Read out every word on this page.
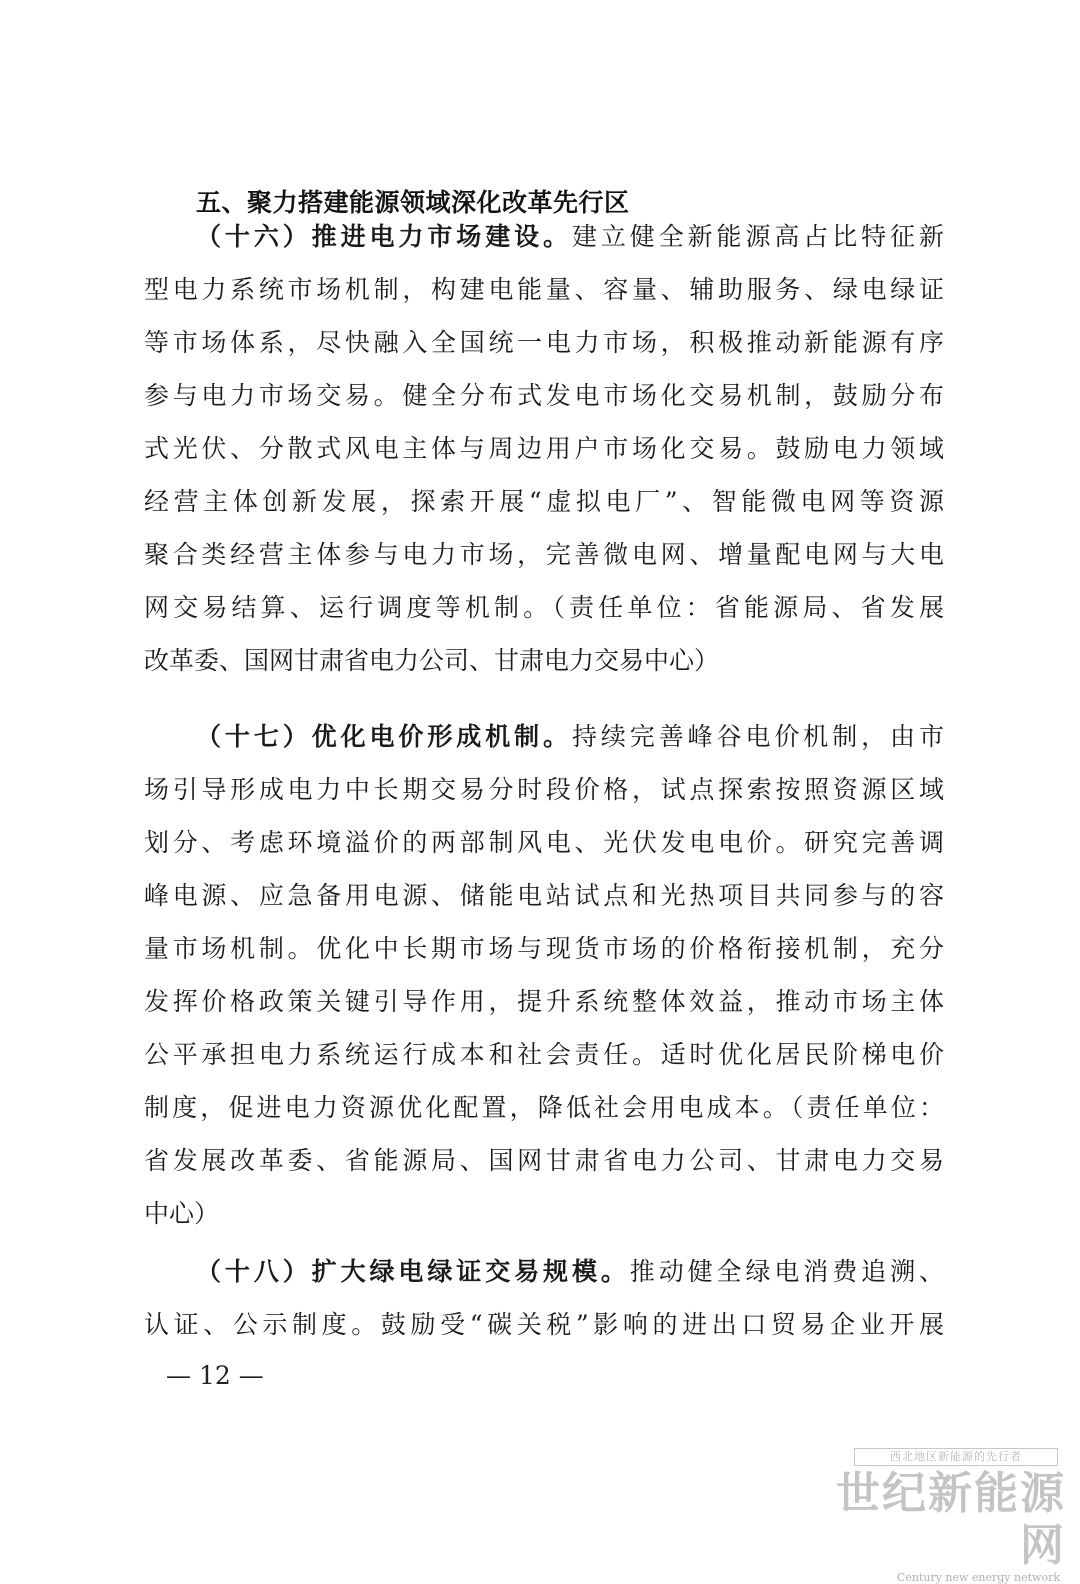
五、聚力搭建能源领域深化改革先行区
（十六）推进电力市场建设。建立健全新能源高占比特征新
型电力系统市场机制，构建电能量、容量、辅助服务、绿电绿证
等市场体系，尽快融入全国统一电力市场，积极推动新能源有序
参与电力市场交易。健全分布式发电市场化交易机制，鼓励分布
式光伏、分散式风电主体与周边用户市场化交易。鼓励电力领域
经营主体创新发展，探索开展“虚拟电厂”、智能微电网等资源
聚合类经营主体参与电力市场，完善微电网、增量配电网与大电
网交易结算、运行调度等机制。（责任单位：省能源局、省发展
改革委、国网甘肃省电力公司、甘肃电力交易中心）
（十七）优化电价形成机制。持续完善峰谷电价机制，由市
场引导形成电力中长期交易分时段价格，试点探索按照资源区域
划分、考虑环境溢价的两部制风电、光伏发电电价。研究完善调
峰电源、应急备用电源、储能电站试点和光热项目共同参与的容
量市场机制。优化中长期市场与现货市场的价格衔接机制，充分
发挥价格政策关键引导作用，提升系统整体效益，推动市场主体
公平承担电力系统运行成本和社会责任。适时优化居民阶梯电价
制度，促进电力资源优化配置，降低社会用电成本。（责任单位：
省发展改革委、省能源局、国网甘肃省电力公司、甘肃电力交易
中心）
（十八）扩大绿电绿证交易规模。推动健全绿电消费追溯、
认证、公示制度。鼓励受“碳关税”影响的进出口贸易企业开展
— 12 —
西北地区新能源的先行者
世纪新能源网
Century new energy network
